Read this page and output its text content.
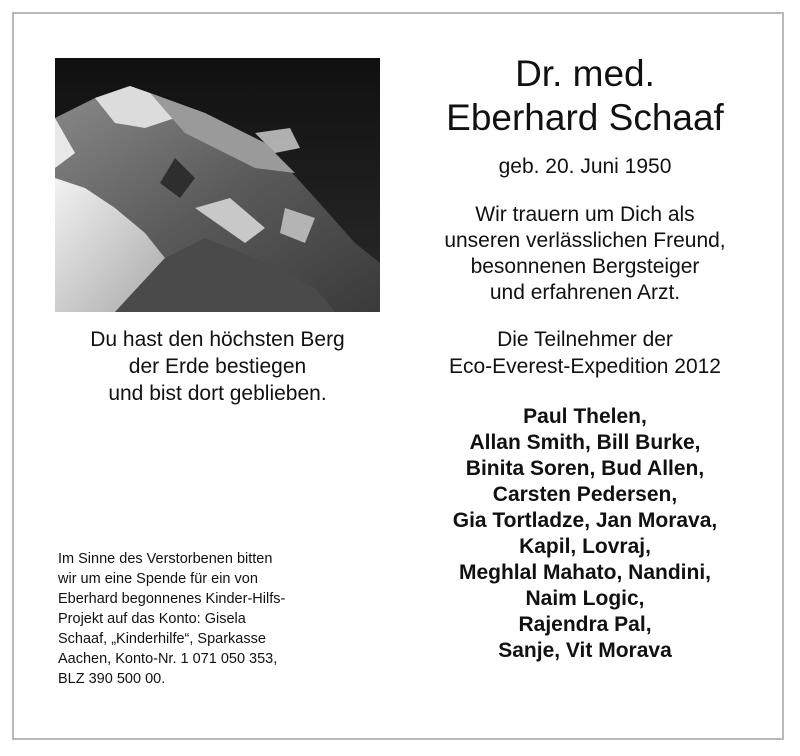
Du hast den höchsten Berg
der Erde bestiegen
und bist dort geblieben.
Im Sinne des Verstorbenen bitten
wir um eine Spende für ein von
Eberhard begonnenes Kinder-Hilfs-
Projekt auf das Konto: Gisela
Schaaf, „Kinderhilfe“, Sparkasse
Aachen, Konto-Nr. 1 071 050 353,
BLZ 390 500 00.
Dr. med.
Eberhard Schaaf
geb. 20. Juni 1950
Wir trauern um Dich als
unseren verlässlichen Freund,
besonnenen Bergsteiger
und erfahrenen Arzt.
Die Teilnehmer der
Eco-Everest-Expedition 2012
Paul Thelen,
Allan Smith, Bill Burke,
Binita Soren, Bud Allen,
Carsten Pedersen,
Gia Tortladze, Jan Morava,
Kapil, Lovraj,
Meghlal Mahato, Nandini,
Naim Logic,
Rajendra Pal,
Sanje, Vit Morava
